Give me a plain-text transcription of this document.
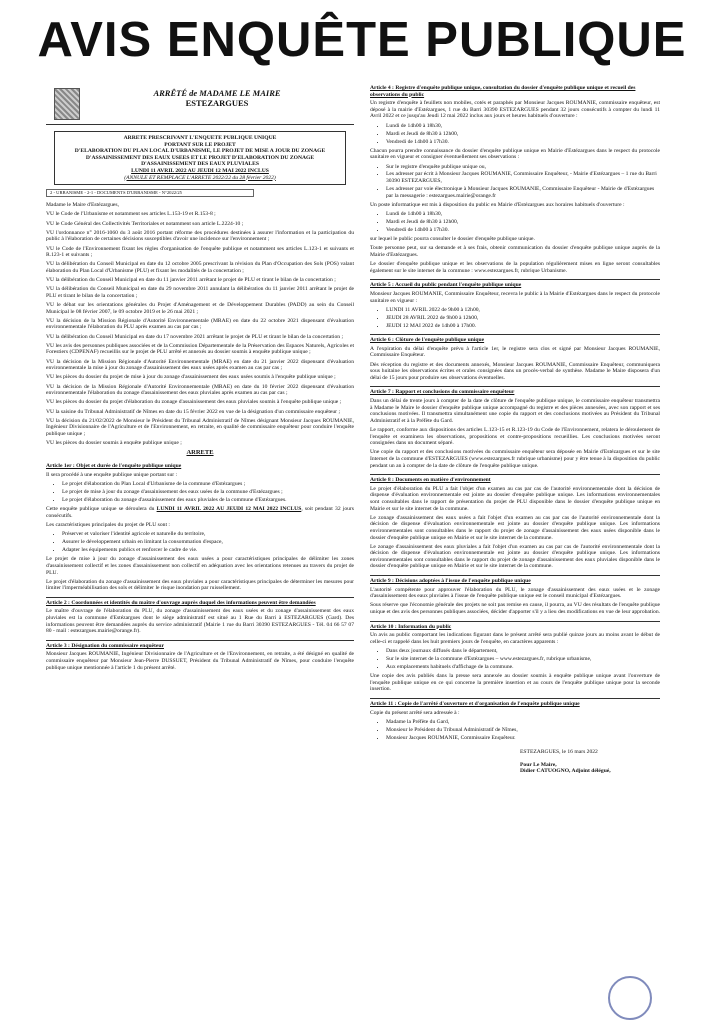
AVIS ENQUÊTE PUBLIQUE
ARRÊTÉ de MADAME LE MAIRE
ESTEZARGUES
ARRETE PRESCRIVANT L'ENQUETE PUBLIQUE UNIQUE
PORTANT SUR LE PROJET
D'ELABORATION DU PLAN LOCAL D'URBANISME, LE PROJET DE MISE A JOUR DU ZONAGE D'ASSAINISSEMENT DES EAUX USEES ET LE PROJET D'ELABORATION DU ZONAGE D'ASSAINISSEMENT DES EAUX PLUVIALES
LUNDI 11 AVRIL 2022 AU JEUDI 12 MAI 2022 INCLUS
(ANNULE ET REMPLACE L'ARRETE 2022/22 du 28 février 2022)
2 - URBANISME - 2-1 - DOCUMENTS D'URBANISME - N°2022/25

Madame le Maire d'Estézargues,

VU le Code de l'Urbanisme et notamment ses articles L.153-19 et R.153-8 ;

VU le Code Général des Collectivités Territoriales et notamment son article L.2224-10 ;

VU l'ordonnance n° 2016-1060 du 3 août 2016 portant réforme des procédures destinées à assurer l'information et la participation du public à l'élaboration de certaines décisions susceptibles d'avoir une incidence sur l'environnement ;

VU le Code de l'Environnement fixant les règles d'organisation de l'enquête publique et notamment ses articles L.123-1 et suivants et R.123-1 et suivants ;

VU la délibération du Conseil Municipal en date du 12 octobre 2005 prescrivant la révision du Plan d'Occupation des Sols (POS) valant élaboration du Plan Local d'Urbanisme (PLU) et fixant les modalités de la concertation ;

VU la délibération du Conseil Municipal en date du 11 janvier 2011 arrêtant le projet de PLU et tirant le bilan de la concertation ;

VU la délibération du Conseil Municipal en date du 29 novembre 2011 annulant la délibération du 11 janvier 2011 arrêtant le projet de PLU et tirant le bilan de la concertation ;

VU le débat sur les orientations générales du Projet d'Aménagement et de Développement Durables (PADD) au sein du Conseil Municipal le 08 février 2007, le 09 octobre 2019 et le 26 mai 2021 ;

VU la décision de la Mission Régionale d'Autorité Environnementale (MRAE) en date du 22 octobre 2021 dispensant d'évaluation environnementale l'élaboration du PLU après examen au cas par cas ;

VU la délibération du Conseil Municipal en date du 17 novembre 2021 arrêtant le projet de PLU et tirant le bilan de la concertation ;

VU les avis des personnes publiques associées et de la Commission Départementale de la Préservation des Espaces Naturels, Agricoles et Forestiers (CDPENAF) recueillis sur le projet de PLU arrêté et annexés au dossier soumis à enquête publique unique ;

VU la décision de la Mission Régionale d'Autorité Environnementale (MRAE) en date du 21 janvier 2022 dispensant d'évaluation environnementale la mise à jour du zonage d'assainissement des eaux usées après examen au cas par cas ;

VU les pièces du dossier du projet de mise à jour du zonage d'assainissement des eaux usées soumis à l'enquête publique unique ;

VU la décision de la Mission Régionale d'Autorité Environnementale (MRAE) en date du 10 février 2022 dispensant d'évaluation environnementale l'élaboration du zonage d'assainissement des eaux pluviales après examen au cas par cas ;

VU les pièces du dossier du projet d'élaboration du zonage d'assainissement des eaux pluviales soumis à l'enquête publique unique ;

VU la saisine du Tribunal Administratif de Nîmes en date du 15 février 2022 en vue de la désignation d'un commissaire enquêteur ;

VU la décision du 21/02/2022 de Monsieur le Président du Tribunal Administratif de Nîmes désignant Monsieur Jacques ROUMANIE, Ingénieur Divisionnaire de l'Agriculture et de l'Environnement, en retraite, en qualité de commissaire enquêteur pour conduire l'enquête publique unique ;

VU les pièces du dossier soumis à enquête publique unique ;

ARRETE
Article 1er : Objet et durée de l'enquête publique unique

Il sera procédé à une enquête publique unique portant sur :

• Le projet d'élaboration du Plan Local d'Urbanisme de la commune d'Estézargues ;
• Le projet de mise à jour du zonage d'assainissement des eaux usées de la commune d'Estézargues ;
• Le projet d'élaboration du zonage d'assainissement des eaux pluviales de la commune d'Estézargues.

Cette enquête publique unique se déroulera du LUNDI 11 AVRIL 2022 AU JEUDI 12 MAI 2022 INCLUS, soit pendant 32 jours consécutifs.

Les caractéristiques principales du projet de PLU sont :

• Préserver et valoriser l'identité agricole et naturelle du territoire,
• Assurer le développement urbain en limitant la consommation d'espace,
• Adapter les équipements publics et renforcer le cadre de vie.

Le projet de mise à jour du zonage d'assainissement des eaux usées a pour caractéristiques principales de délimiter les zones d'assainissement collectif et les zones d'assainissement non collectif en adéquation avec les orientations retenues au travers du projet de PLU.

Le projet d'élaboration du zonage d'assainissement des eaux pluviales a pour caractéristiques principales de déterminer les mesures pour limiter l'imperméabilisation des sols et délimiter le risque inondation par ruissellement.

Article 2 : Coordonnées et identités du maître d'ouvrage auprès duquel des informations peuvent être demandées

Le maître d'ouvrage de l'élaboration du PLU, du zonage d'assainissement des eaux usées et du zonage d'assainissement des eaux pluviales est la commune d'Estézargues dont le siège administratif est situé au 1 Rue du Barri à ESTEZARGUES (Gard). Des informations peuvent être demandées auprès du service administratif (Mairie 1 rue du Barri 30390 ESTEZARGUES - Tél. 04 66 57 07 80 - mail : estezargues.mairie@orange.fr).

Article 3 : Désignation du commissaire enquêteur

Monsieur Jacques ROUMANIE, Ingénieur Divisionnaire de l'Agriculture et de l'Environnement, en retraite, a été désigné en qualité de commissaire enquêteur par Monsieur Jean-Pierre DUSSUET, Président du Tribunal Administratif de Nîmes, pour conduire l'enquête publique unique mentionnée à l'article 1 du présent arrêté.

Article 4 : Registre d'enquête publique unique, consultation du dossier d'enquête publique unique et recueil des observations du public

Un registre d'enquête à feuillets non mobiles, cotés et paraphés par Monsieur Jacques ROUMANIE, commissaire enquêteur, est déposé à la mairie d'Estézargues, 1 rue du Barri 30390 ESTEZARGUES pendant 32 jours consécutifs à compter du lundi 11 Avril 2022 et ce jusqu'au Jeudi 12 mai 2022 inclus aux jours et heures habituels d'ouverture :

• Lundi de 14h00 à 18h30,
• Mardi et Jeudi de 8h30 à 12h00,
• Vendredi de 14h00 à 17h30.

Chacun pourra prendre connaissance du dossier d'enquête publique unique en Mairie d'Estézargues dans le respect du protocole sanitaire en vigueur et consigner éventuellement ses observations :

• Sur le registre d'enquête publique unique ou,
• Les adresser par écrit à Monsieur Jacques ROUMANIE, Commissaire Enquêteur, - Mairie d'Estézargues – 1 rue du Barri 30390 ESTEZARGUES,
• Les adresser par voie électronique à Monsieur Jacques ROUMANIE, Commissaire Enquêteur - Mairie de d'Estézargues par la messagerie : estezargues.mairie@orange.fr

Un poste informatique est mis à disposition du public en Mairie d'Estézargues aux horaires habituels d'ouverture :

• Lundi de 14h00 à 18h30,
• Mardi et Jeudi de 8h30 à 12h00,
• Vendredi de 14h00 à 17h30.

sur lequel le public pourra consulter le dossier d'enquête publique unique.

Toute personne peut, sur sa demande et à ses frais, obtenir communication du dossier d'enquête publique unique auprès de la Mairie d'Estézargues.

Le dossier d'enquête publique unique et les observations de la population régulièrement mises en ligne seront consultables également sur le site internet de la commune : www.estezargues.fr, rubrique Urbanisme.

Article 5 : Accueil du public pendant l'enquête publique unique

Monsieur Jacques ROUMANIE, Commissaire Enquêteur, recevra le public à la Mairie d'Estézargues dans le respect du protocole sanitaire en vigueur :

• LUNDI 11 AVRIL 2022 de 9h00 à 12h00,
• JEUDI 28 AVRIL 2022 de 9h00 à 12h00,
• JEUDI 12 MAI 2022 de 14h00 à 17h00.
Article 6 : Clôture de l'enquête publique unique

A l'expiration du délai d'enquête prévu à l'article 1er, le registre sera clos et signé par Monsieur Jacques ROUMANIE, Commissaire Enquêteur.

Dès réception du registre et des documents annexés, Monsieur Jacques ROUMANIE, Commissaire Enquêteur, communiquera sous huitaine les observations écrites et orales consignées dans un procès-verbal de synthèse. Madame le Maire disposera d'un délai de 15 jours pour produire ses observations éventuelles.

Article 7 : Rapport et conclusions du commissaire enquêteur

Dans un délai de trente jours à compter de la date de clôture de l'enquête publique unique, le commissaire enquêteur transmettra à Madame le Maire le dossier d'enquête publique unique accompagné du registre et des pièces annexées, avec son rapport et ses conclusions motivées. Il transmettra simultanément une copie du rapport et des conclusions motivées au Président du Tribunal Administratif et à la Préfète du Gard.

Le rapport, conforme aux dispositions des articles L.123-15 et R.123-19 du Code de l'Environnement, relatera le déroulement de l'enquête et examinera les observations, propositions et contre-propositions recueillies. Les conclusions motivées seront consignées dans un document séparé.

Une copie du rapport et des conclusions motivées du commissaire enquêteur sera déposée en Mairie d'Estézargues et sur le site Internet de la commune d'ESTEZARGUES (www.estezargues.fr rubrique urbanisme) pour y être tenue à la disposition du public pendant un an à compter de la date de clôture de l'enquête publique unique.

Article 8 : Documents en matière d'environnement

Le projet d'élaboration du PLU a fait l'objet d'un examen au cas par cas de l'autorité environnementale dont la décision de dispense d'évaluation environnementale est jointe au dossier d'enquête publique unique. Les informations environnementales sont consultables dans le rapport de présentation du projet de PLU disponible dans le dossier d'enquête publique unique en Mairie et sur le site internet de la commune.

Le zonage d'assainissement des eaux usées a fait l'objet d'un examen au cas par cas de l'autorité environnementale dont la décision de dispense d'évaluation environnementale est jointe au dossier d'enquête publique unique. Les informations environnementales sont consultables dans le rapport du projet de zonage d'assainissement des eaux usées disponible dans le dossier d'enquête publique unique en Mairie et sur le site internet de la commune.

Le zonage d'assainissement des eaux pluviales a fait l'objet d'un examen au cas par cas de l'autorité environnementale dont la décision de dispense d'évaluation environnementale est jointe au dossier d'enquête publique unique. Les informations environnementales sont consultables dans le rapport du projet de zonage d'assainissement des eaux pluviales disponible dans le dossier d'enquête publique unique en Mairie et sur le site internet de la commune.

Article 9 : Décisions adoptées à l'issue de l'enquête publique unique

L'autorité compétente pour approuver l'élaboration du PLU, le zonage d'assainissement des eaux usées et le zonage d'assainissement des eaux pluviales à l'issue de l'enquête publique unique est le conseil municipal d'Estézargues.

Sous réserve que l'économie générale des projets ne soit pas remise en cause, il pourra, au VU des résultats de l'enquête publique unique et des avis des personnes publiques associées, décider d'apporter s'il y a lieu des modifications en vue de leur approbation.

Article 10 : Information du public

Un avis au public comportant les indications figurant dans le présent arrêté sera publié quinze jours au moins avant le début de celle-ci et rappelé dans les huit premiers jours de l'enquête, en caractères apparents :

• Dans deux journaux diffusés dans le département,
• Sur le site internet de la commune d'Estézargues – www.estezargues.fr, rubrique urbanisme,
• Aux emplacements habituels d'affichage de la commune.

Une copie des avis publiés dans la presse sera annexée au dossier soumis à enquête publique unique avant l'ouverture de l'enquête publique unique en ce qui concerne la première insertion et au cours de l'enquête publique unique pour la seconde insertion.

Article 11 : Copie de l'arrêté d'ouverture et d'organisation de l'enquête publique unique

Copie du présent arrêté sera adressée à :

• Madame la Préfète du Gard,
• Monsieur le Président du Tribunal Administratif de Nîmes,
• Monsieur Jacques ROUMANIE, Commissaire Enquêteur.
ESTEZARGUES, le 16 mars 2022
Pour Le Maire,
Didier CATUOGNO, Adjoint délégué,
